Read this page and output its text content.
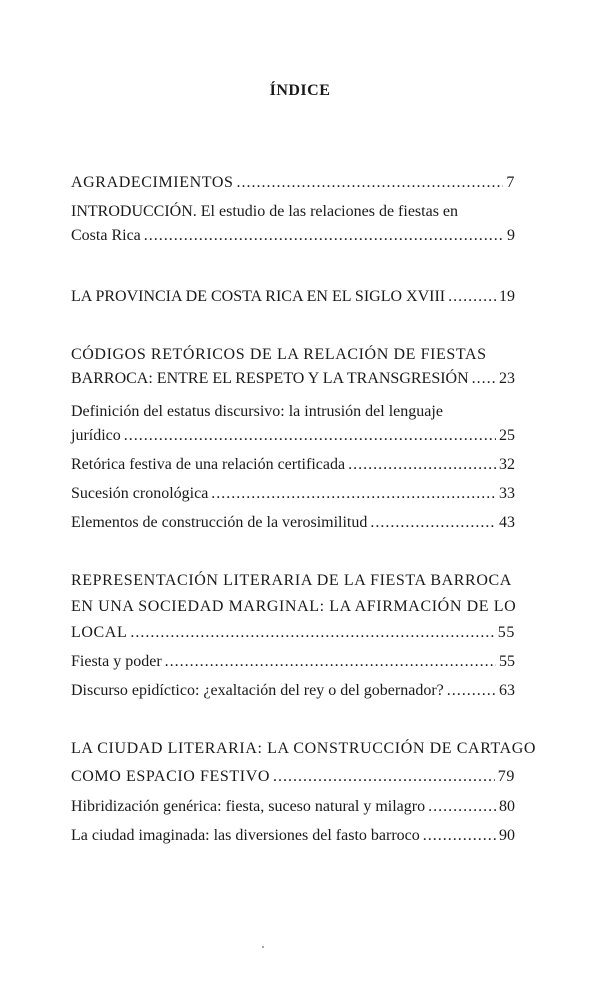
ÍNDICE
AGRADECIMIENTOS .....	7
INTRODUCCIÓN. El estudio de las relaciones de fiestas en
Costa Rica .....	9
LA PROVINCIA DE COSTA RICA EN EL SIGLO XVIII .....	19
CÓDIGOS RETÓRICOS DE LA RELACIÓN DE FIESTAS
BARROCA: ENTRE EL RESPETO Y LA TRANSGRESIÓN ..... 23
Definición del estatus discursivo: la intrusión del lenguaje
jurídico .....	25
Retórica festiva de una relación certificada .....	32
Sucesión cronológica .....	33
Elementos de construcción de la verosimilitud .....	43
REPRESENTACIÓN LITERARIA DE LA FIESTA BARROCA
EN UNA SOCIEDAD MARGINAL: LA AFIRMACIÓN DE LO
LOCAL .....	55
Fiesta y poder .....	55
Discurso epidíctico: ¿exaltación del rey o del gobernador? .....	63
LA CIUDAD LITERARIA: LA CONSTRUCCIÓN DE CARTAGO
COMO ESPACIO FESTIVO .....	79
Hibridización genérica: fiesta, suceso natural y milagro .....	80
La ciudad imaginada: las diversiones del fasto barroco .....	90
